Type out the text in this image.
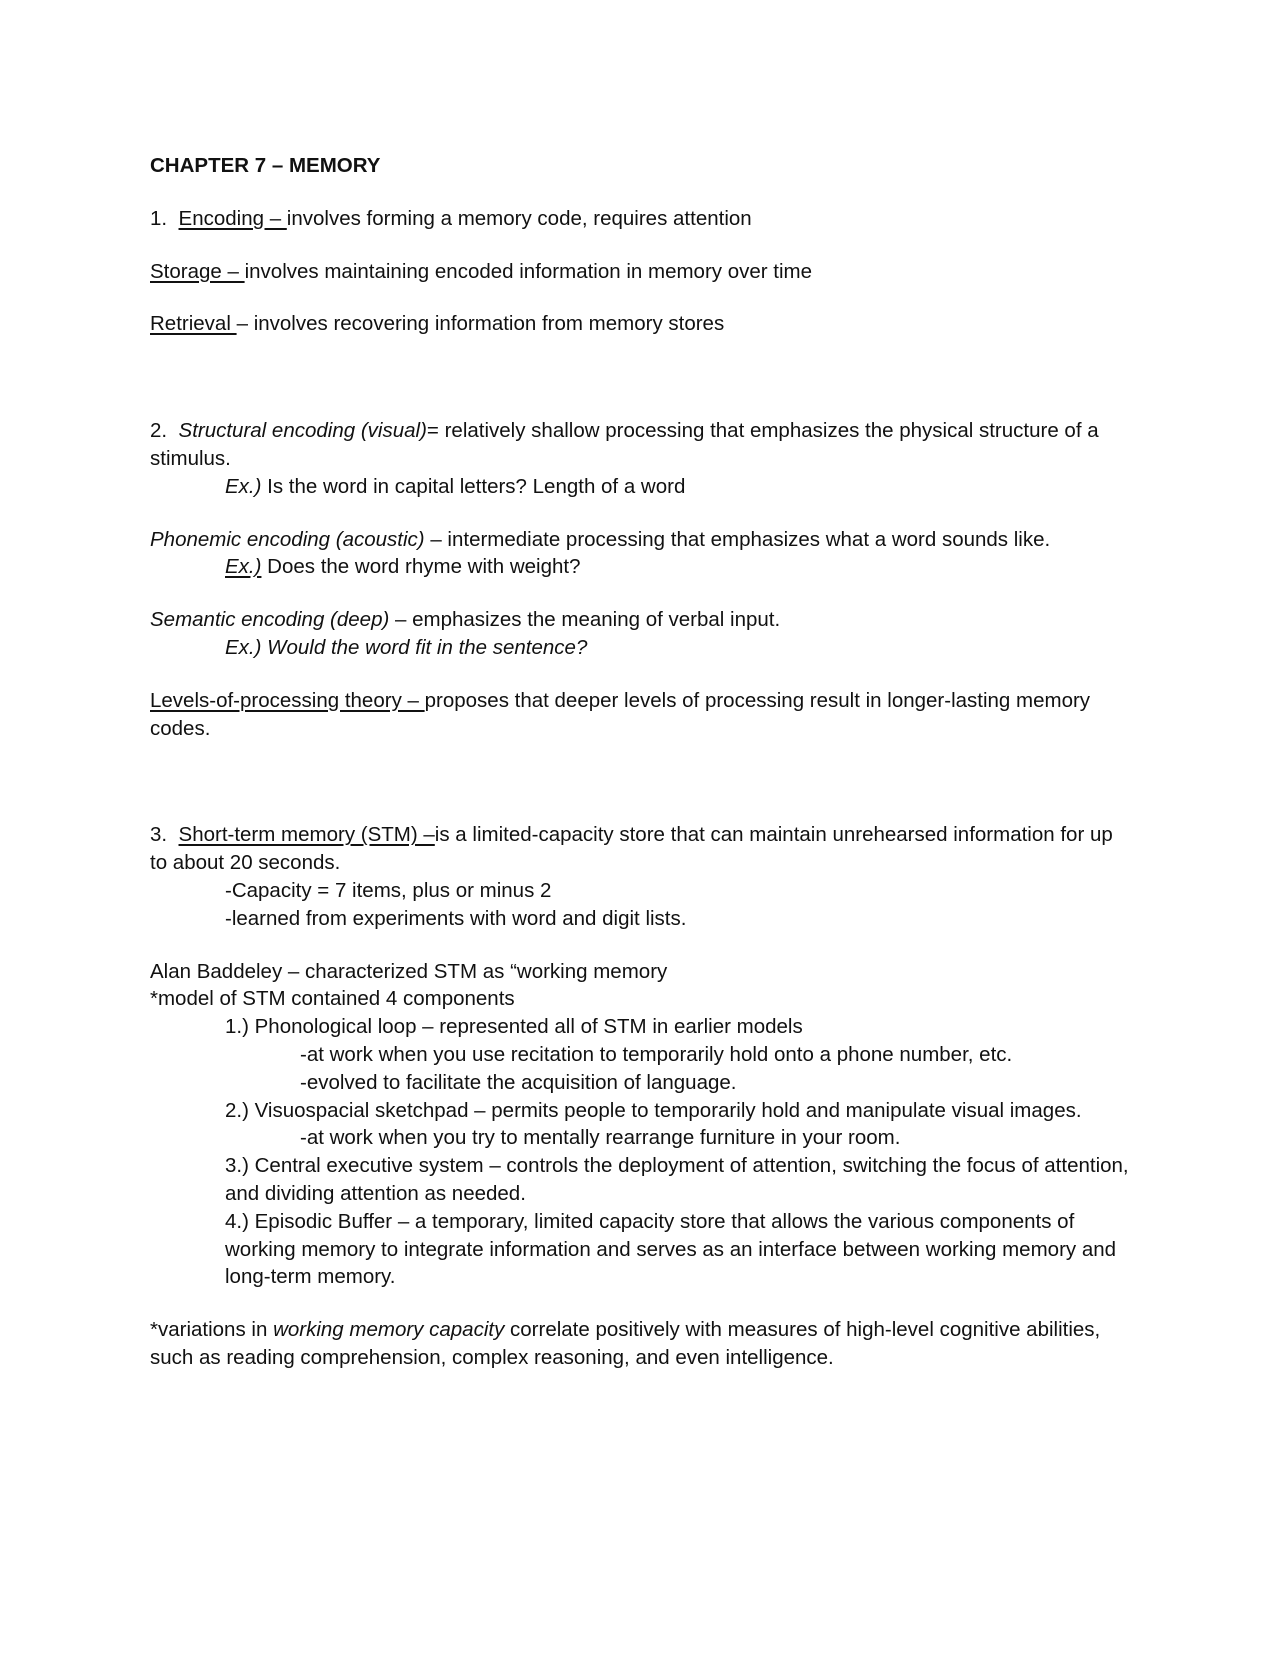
CHAPTER 7 – MEMORY

1. Encoding – involves forming a memory code, requires attention

Storage – involves maintaining encoded information in memory over time

Retrieval – involves recovering information from memory stores

2. Structural encoding (visual)= relatively shallow processing that emphasizes the physical structure of a stimulus.

Ex.) Is the word in capital letters? Length of a word

Phonemic encoding (acoustic) – intermediate processing that emphasizes what a word sounds like.

Ex.) Does the word rhyme with weight?

Semantic encoding (deep) – emphasizes the meaning of verbal input.

Ex.) Would the word fit in the sentence?

Levels-of-processing theory – proposes that deeper levels of processing result in longer-lasting memory codes.

3. Short-term memory (STM) –is a limited-capacity store that can maintain unrehearsed information for up to about 20 seconds.

-Capacity = 7 items, plus or minus 2

-learned from experiments with word and digit lists.

Alan Baddeley – characterized STM as “working memory

*model of STM contained 4 components

1.) Phonological loop – represented all of STM in earlier models

-at work when you use recitation to temporarily hold onto a phone number, etc.

-evolved to facilitate the acquisition of language.

2.) Visuospacial sketchpad – permits people to temporarily hold and manipulate visual images.

-at work when you try to mentally rearrange furniture in your room.

3.) Central executive system – controls the deployment of attention, switching the focus of attention, and dividing attention as needed.

4.) Episodic Buffer – a temporary, limited capacity store that allows the various components of working memory to integrate information and serves as an interface between working memory and long-term memory.

*variations in working memory capacity correlate positively with measures of high-level cognitive abilities, such as reading comprehension, complex reasoning, and even intelligence.
